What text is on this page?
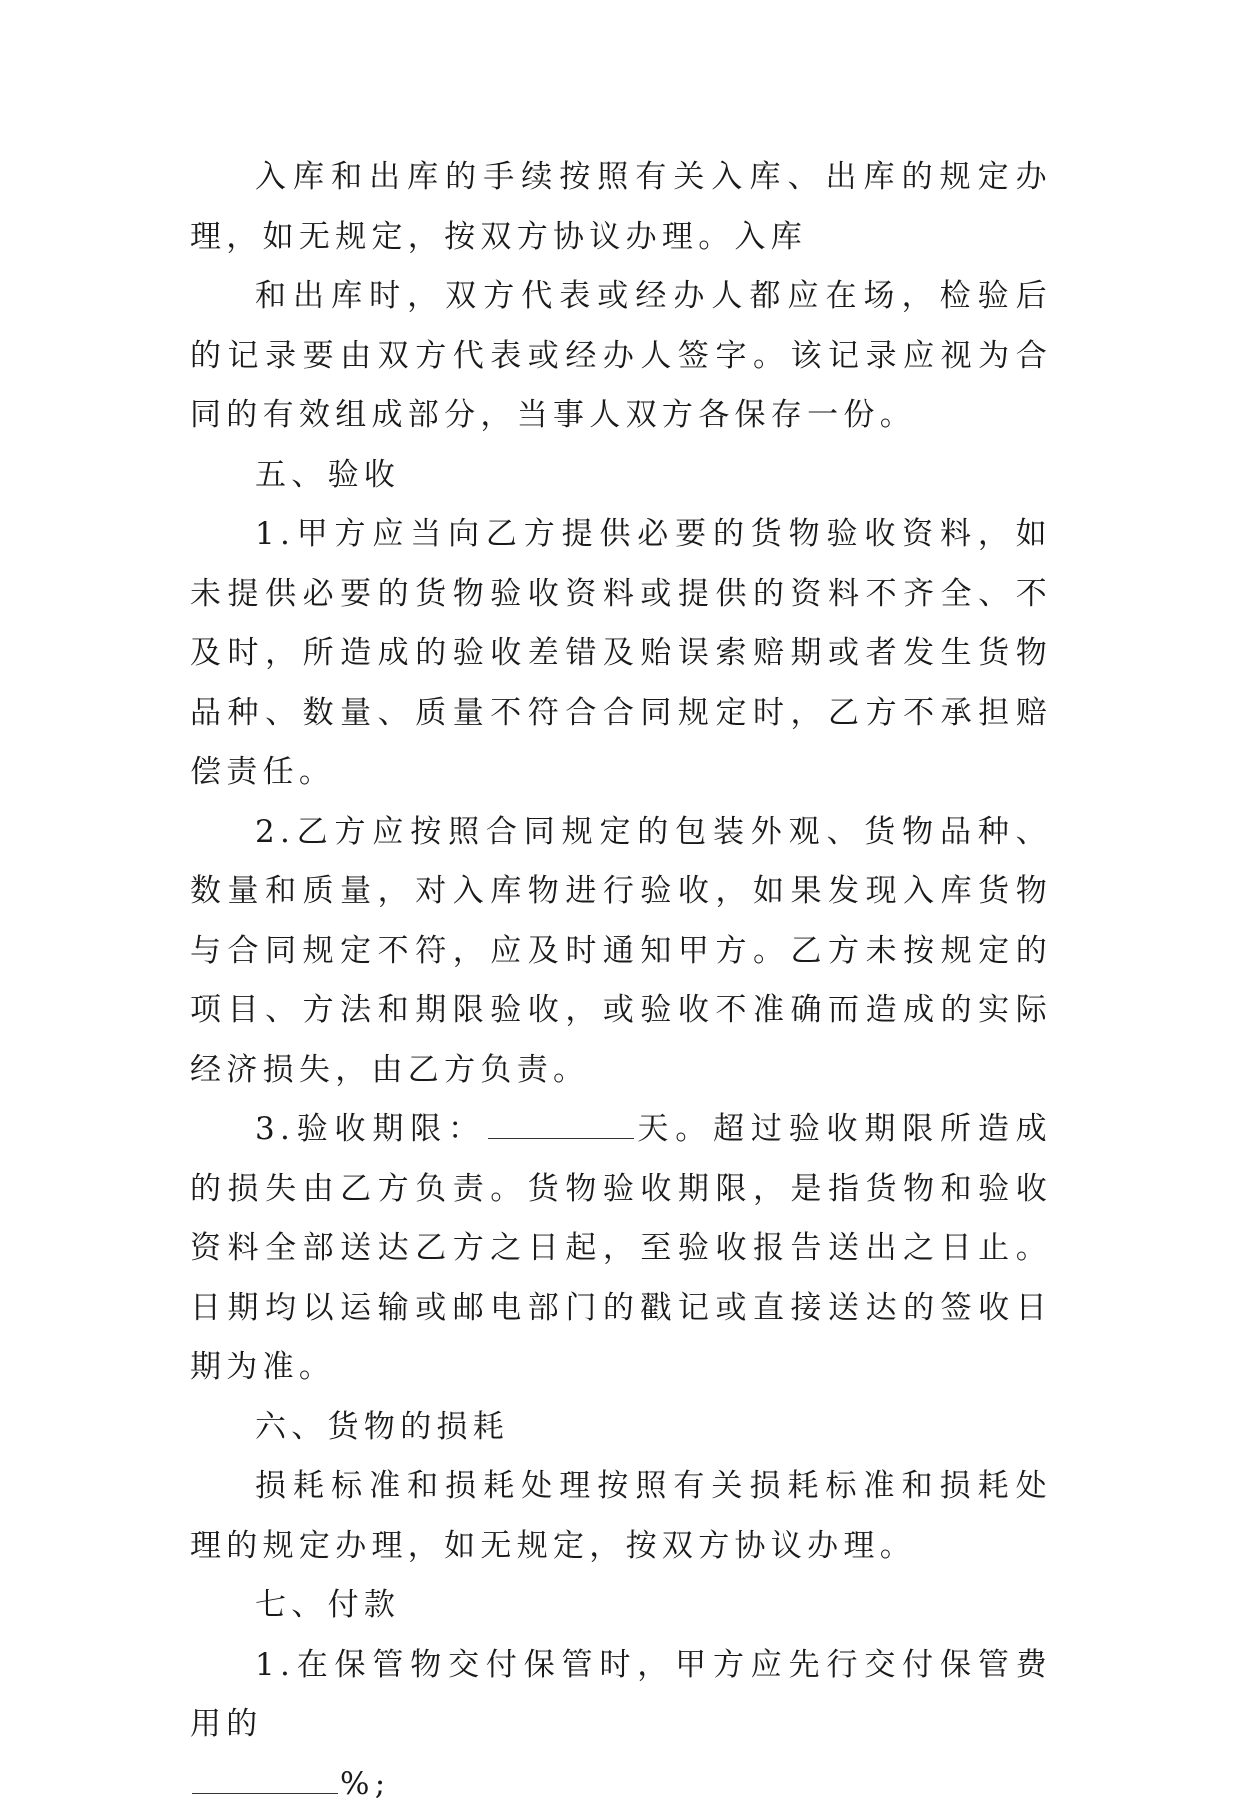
入库和出库的手续按照有关入库、出库的规定办理，如无规定，按双方协议办理。入库

和出库时，双方代表或经办人都应在场，检验后的记录要由双方代表或经办人签字。该记录应视为合同的有效组成部分，当事人双方各保存一份。

五、验收

1.甲方应当向乙方提供必要的货物验收资料，如未提供必要的货物验收资料或提供的资料不齐全、不及时，所造成的验收差错及贻误索赔期或者发生货物品种、数量、质量不符合合同规定时，乙方不承担赔偿责任。

2.乙方应按照合同规定的包装外观、货物品种、数量和质量，对入库物进行验收，如果发现入库货物与合同规定不符，应及时通知甲方。乙方未按规定的项目、方法和期限验收，或验收不准确而造成的实际经济损失，由乙方负责。

3.验收期限：	天。超过验收期限所造成的损失由乙方负责。货物验收期限，是指货物和验收资料全部送达乙方之日起，至验收报告送出之日止。日期均以运输或邮电部门的戳记或直接送达的签收日期为准。

六、货物的损耗

损耗标准和损耗处理按照有关损耗标准和损耗处理的规定办理，如无规定，按双方协议办理。

七、付款

1.在保管物交付保管时，甲方应先行交付保管费用的

%;
